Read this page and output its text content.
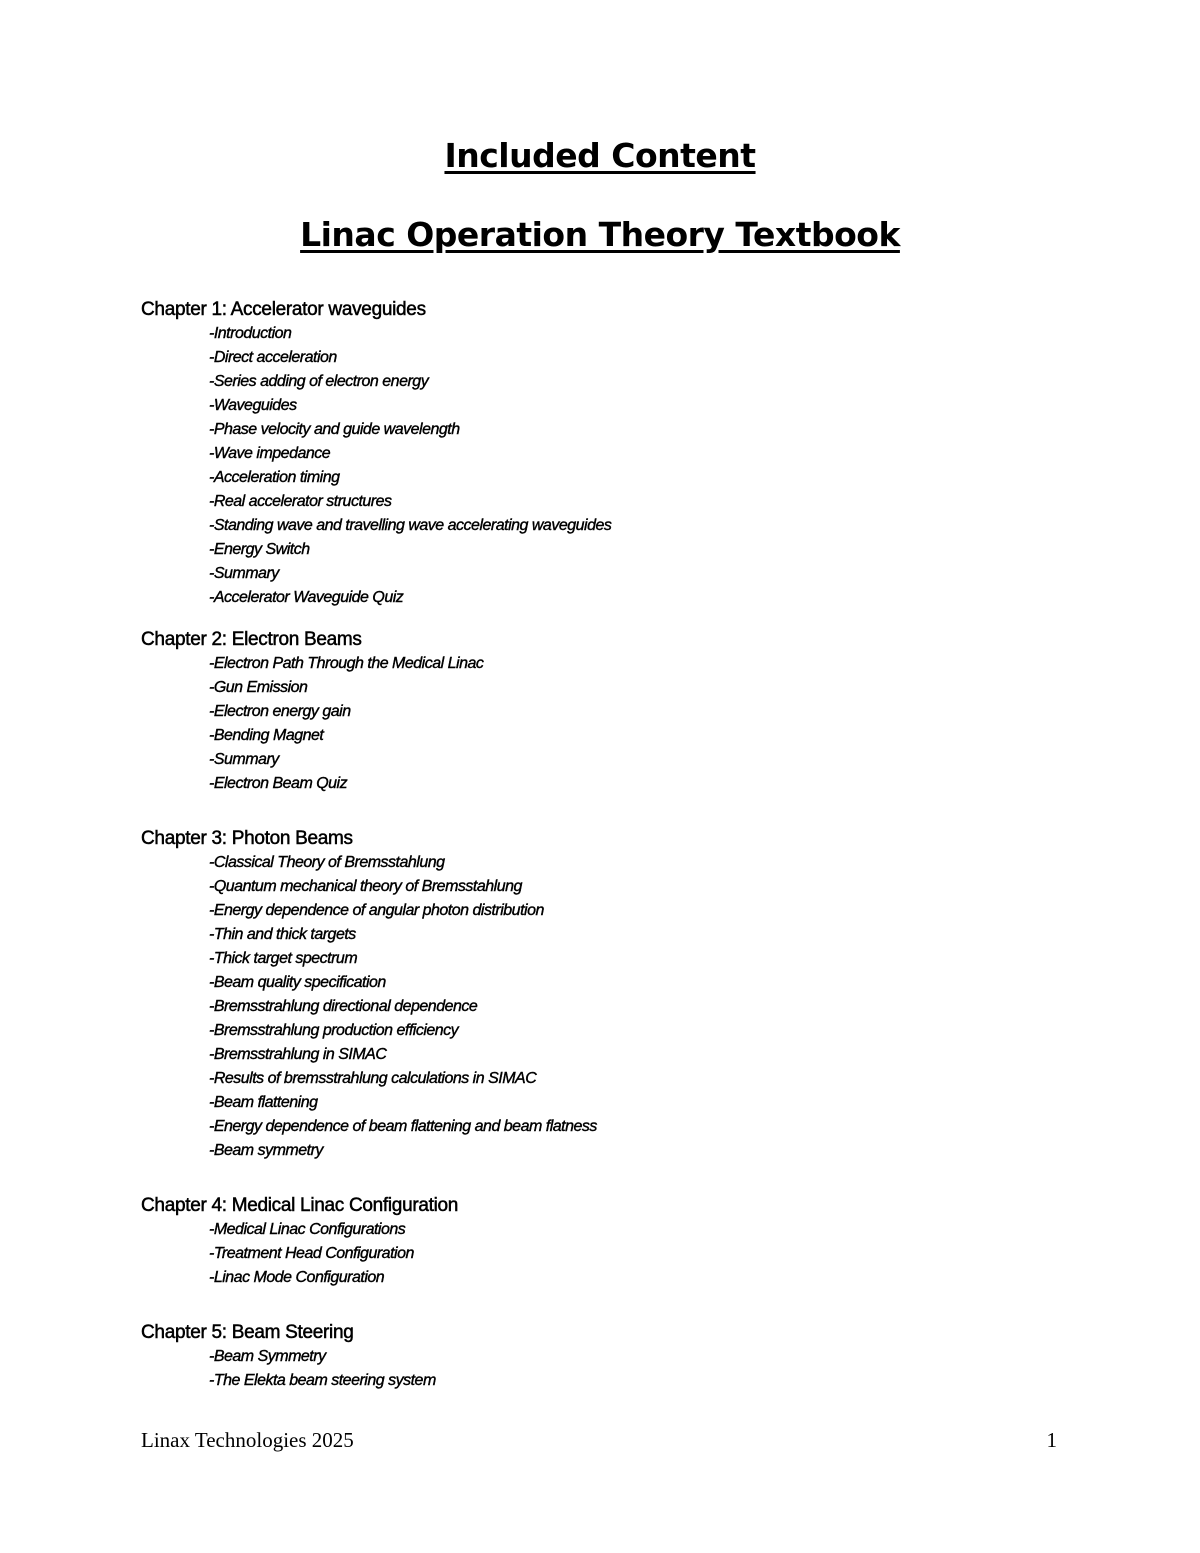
Included Content
Linac Operation Theory Textbook
Chapter 1: Accelerator waveguides
-Introduction
-Direct acceleration
-Series adding of electron energy
-Waveguides
-Phase velocity and guide wavelength
-Wave impedance
-Acceleration timing
-Real accelerator structures
-Standing wave and travelling wave accelerating waveguides
-Energy Switch
-Summary
-Accelerator Waveguide Quiz
Chapter 2: Electron Beams
-Electron Path Through the Medical Linac
-Gun Emission
-Electron energy gain
-Bending Magnet
-Summary
-Electron Beam Quiz
Chapter 3: Photon Beams
-Classical Theory of Bremsstahlung
-Quantum mechanical theory of Bremsstahlung
-Energy dependence of angular photon distribution
-Thin and thick targets
-Thick target spectrum
-Beam quality specification
-Bremsstrahlung directional dependence
-Bremsstrahlung production efficiency
-Bremsstrahlung in SIMAC
-Results of bremsstrahlung calculations in SIMAC
-Beam flattening
-Energy dependence of beam flattening and beam flatness
-Beam symmetry
Chapter 4: Medical Linac Configuration
-Medical Linac Configurations
-Treatment Head Configuration
-Linac Mode Configuration
Chapter 5: Beam Steering
-Beam Symmetry
-The Elekta beam steering system
Linax Technologies 2025	1
